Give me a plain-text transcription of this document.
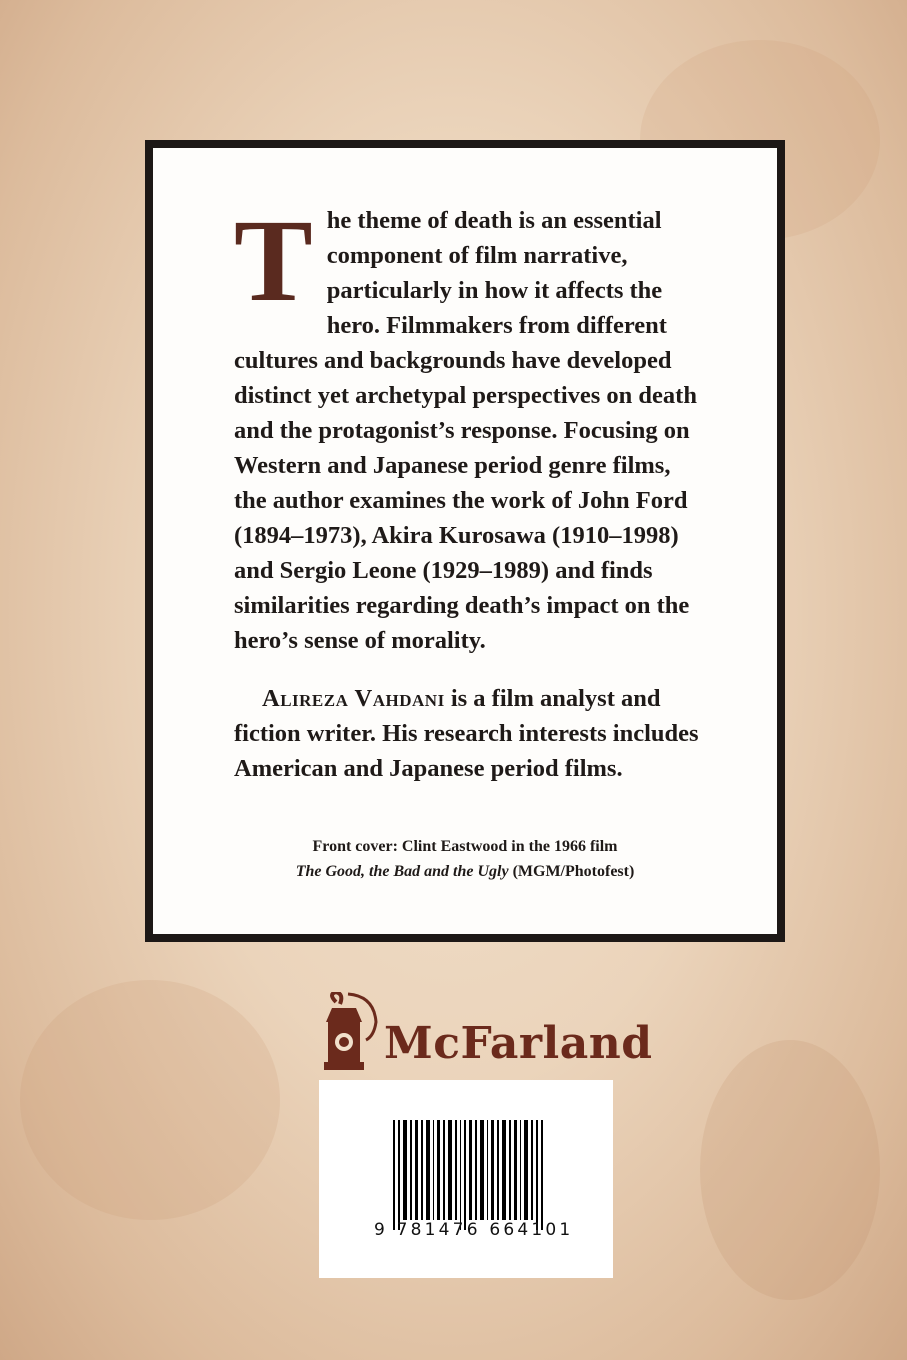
The theme of death is an essential component of film narrative, particularly in how it affects the hero. Filmmakers from different cultures and backgrounds have developed distinct yet archetypal perspectives on death and the protagonist’s response. Focusing on Western and Japanese period genre films, the author examines the work of John Ford (1894–1973), Akira Kurosawa (1910–1998) and Sergio Leone (1929–1989) and finds similarities regarding death’s impact on the hero’s sense of morality.

Alireza Vahdani is a film analyst and fiction writer. His research interests includes American and Japanese period films.

Front cover: Clint Eastwood in the 1966 film
The Good, the Bad and the Ugly (MGM/Photofest)
McFarland
9 781476 664101
